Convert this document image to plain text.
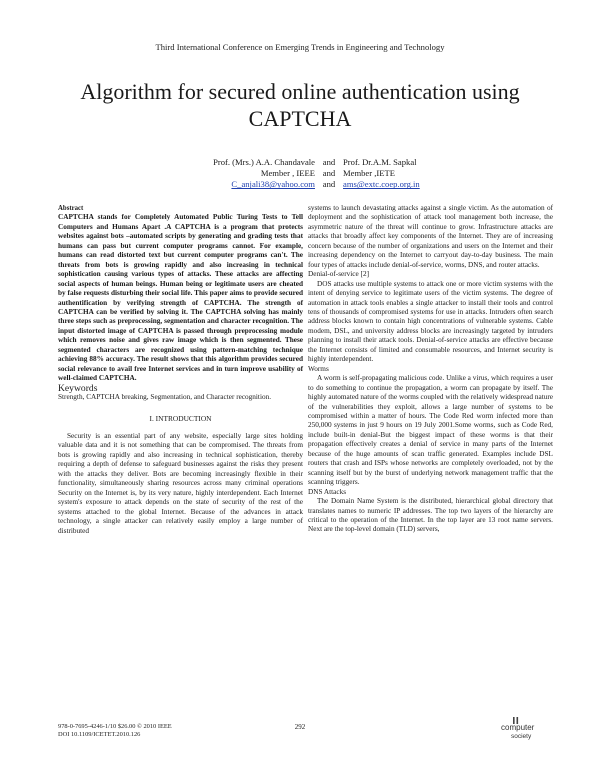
Third International Conference on Emerging Trends in Engineering and Technology
Algorithm for secured online authentication using
CAPTCHA
Prof. (Mrs.) A.A. Chandavale and Prof. Dr.A.M. Sapkal
Member , IEEE and Member ,IETE
C_anjali38@yahoo.com and ams@extc.coep.org.in

Abstract

CAPTCHA stands for Completely Automated Public Turing Tests to Tell Computers and Humans Apart .A CAPTCHA is a program that protects websites against bots –automated scripts by generating and grading tests that humans can pass but current computer programs cannot. For example, humans can read distorted text but current computer programs can't. The threats from bots is growing rapidly and also increasing in technical sophistication causing various types of attacks. These attacks are affecting social aspects of human beings. Human being or legitimate users are cheated by false requests disturbing their social life. This paper aims to provide secured authentification by verifying strength of CAPTCHA. The strength of CAPTCHA can be verified by solving it. The CAPTCHA solving has mainly three steps such as preprocessing, segmentation and character recognition. The input distorted image of CAPTCHA is passed through preprocessing module which removes noise and gives raw image which is then segmented. These segmented characters are recognized using pattern-matching technique achieving 88% accuracy. The result shows that this algorithm provides secured social relevance to avail free Internet services and in turn improve usability of well-claimed CAPTCHA.

Keywords

Strength, CAPTCHA breaking, Segmentation, and Character recognition.

I. INTRODUCTION

Security is an essential part of any website, especially large sites holding valuable data and it is not something that can be compromised. The threats from bots is growing rapidly and also increasing in technical sophistication, thereby requiring a depth of defense to safeguard businesses against the risks they present with the attacks they deliver. Bots are becoming increasingly flexible in their functionality, simultaneously sharing resources across many criminal operations Security on the Internet is, by its very nature, highly interdependent. Each Internet system's exposure to attack depends on the state of security of the rest of the systems attached to the global Internet. Because of the advances in attack technology, a single attacker can relatively easily employ a large number of distributed

systems to launch devastating attacks against a single victim. As the automation of deployment and the sophistication of attack tool management both increase, the asymmetric nature of the threat will continue to grow. Infrastructure attacks are attacks that broadly affect key components of the Internet. They are of increasing concern because of the number of organizations and users on the Internet and their increasing dependency on the Internet to carryout day-to-day business. The main four types of attacks include denial-of-service, worms, DNS, and router attacks.

Denial-of-service [2]

DOS attacks use multiple systems to attack one or more victim systems with the intent of denying service to legitimate users of the victim systems. The degree of automation in attack tools enables a single attacker to install their tools and control tens of thousands of compromised systems for use in attacks. Intruders often search address blocks known to contain high concentrations of vulnerable systems. Cable modem, DSL, and university address blocks are increasingly targeted by intruders planning to install their attack tools. Denial-of-service attacks are effective because the Internet consists of limited and consumable resources, and Internet security is highly interdependent.

Worms

A worm is self-propagating malicious code. Unlike a virus, which requires a user to do something to continue the propagation, a worm can propagate by itself. The highly automated nature of the worms coupled with the relatively widespread nature of the vulnerabilities they exploit, allows a large number of systems to be compromised within a matter of hours. The Code Red worm infected more than 250,000 systems in just 9 hours on 19 July 2001.Some worms, such as Code Red, include built-in denial-But the biggest impact of these worms is that their propagation effectively creates a denial of service in many parts of the Internet because of the huge amounts of scan traffic generated. Examples include DSL routers that crash and ISPs whose networks are completely overloaded, not by the scanning itself but by the burst of underlying network management traffic that the scanning triggers.

DNS Attacks

The Domain Name System is the distributed, hierarchical global directory that translates names to numeric IP addresses. The top two layers of the hierarchy are critical to the operation of the Internet. In the top layer are 13 root name servers. Next are the top-level domain (TLD) servers,

978-0-7695-4246-1/10 $26.00 © 2010 IEEE
DOI 10.1109/ICETET.2010.126
292	computer
society
